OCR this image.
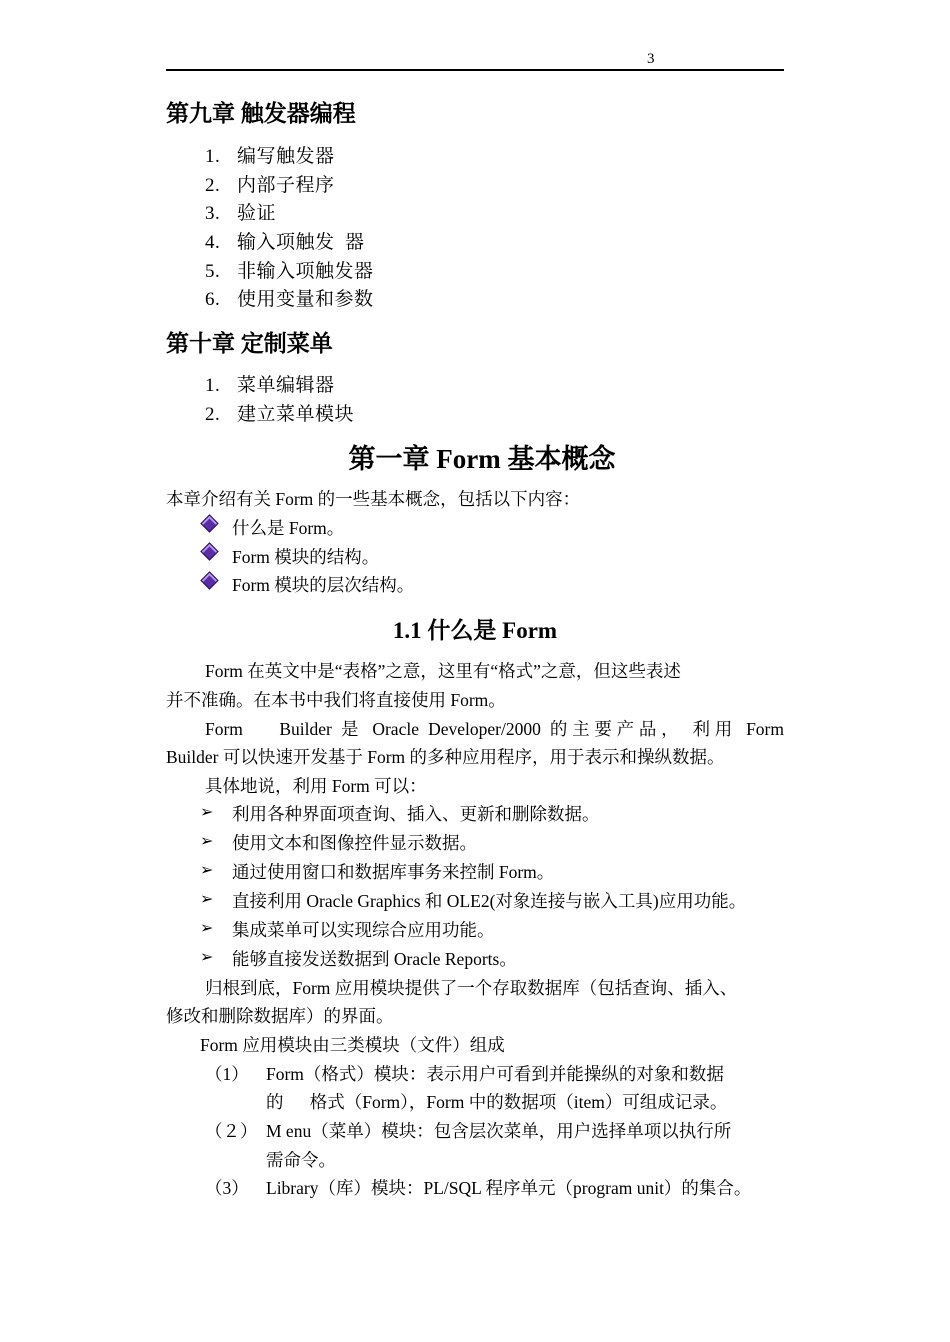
3
第九章 触发器编程
1. 编写触发器
2. 内部子程序
3. 验证
4. 输入项触发  器
5. 非输入项触发器
6. 使用变量和参数
第十章 定制菜单
1. 菜单编辑器
2. 建立菜单模块
第一章 Form 基本概念
本章介绍有关 Form 的一些基本概念，包括以下内容：
什么是 Form。
Form 模块的结构。
Form 模块的层次结构。
1.1 什么是 Form
Form 在英文中是“表格”之意，这里有“格式”之意，但这些表述
并不准确。在本书中我们将直接使用 Form。
Form    Builder 是 Oracle Developer/2000 的主要产品， 利用 Form
Builder 可以快速开发基于 Form 的多种应用程序，用于表示和操纵数据。
具体地说，利用 Form 可以：
➢ 利用各种界面项查询、插入、更新和删除数据。
➢ 使用文本和图像控件显示数据。
➢ 通过使用窗口和数据库事务来控制 Form。
➢ 直接利用 Oracle Graphics 和 OLE2(对象连接与嵌入工具)应用功能。
➢ 集成菜单可以实现综合应用功能。
➢ 能够直接发送数据到 Oracle Reports。
归根到底，Form 应用模块提供了一个存取数据库（包括查询、插入、
修改和删除数据库）的界面。
Form 应用模块由三类模块（文件）组成
（1） Form（格式）模块：表示用户可看到并能操纵的对象和数据
的      格式（Form），Form 中的数据项（item）可组成记录。
（２） M enu（菜单）模块：包含层次菜单，用户选择单项以执行所
需命令。
（3） Library（库）模块：PL/SQL 程序单元（program unit）的集合。
